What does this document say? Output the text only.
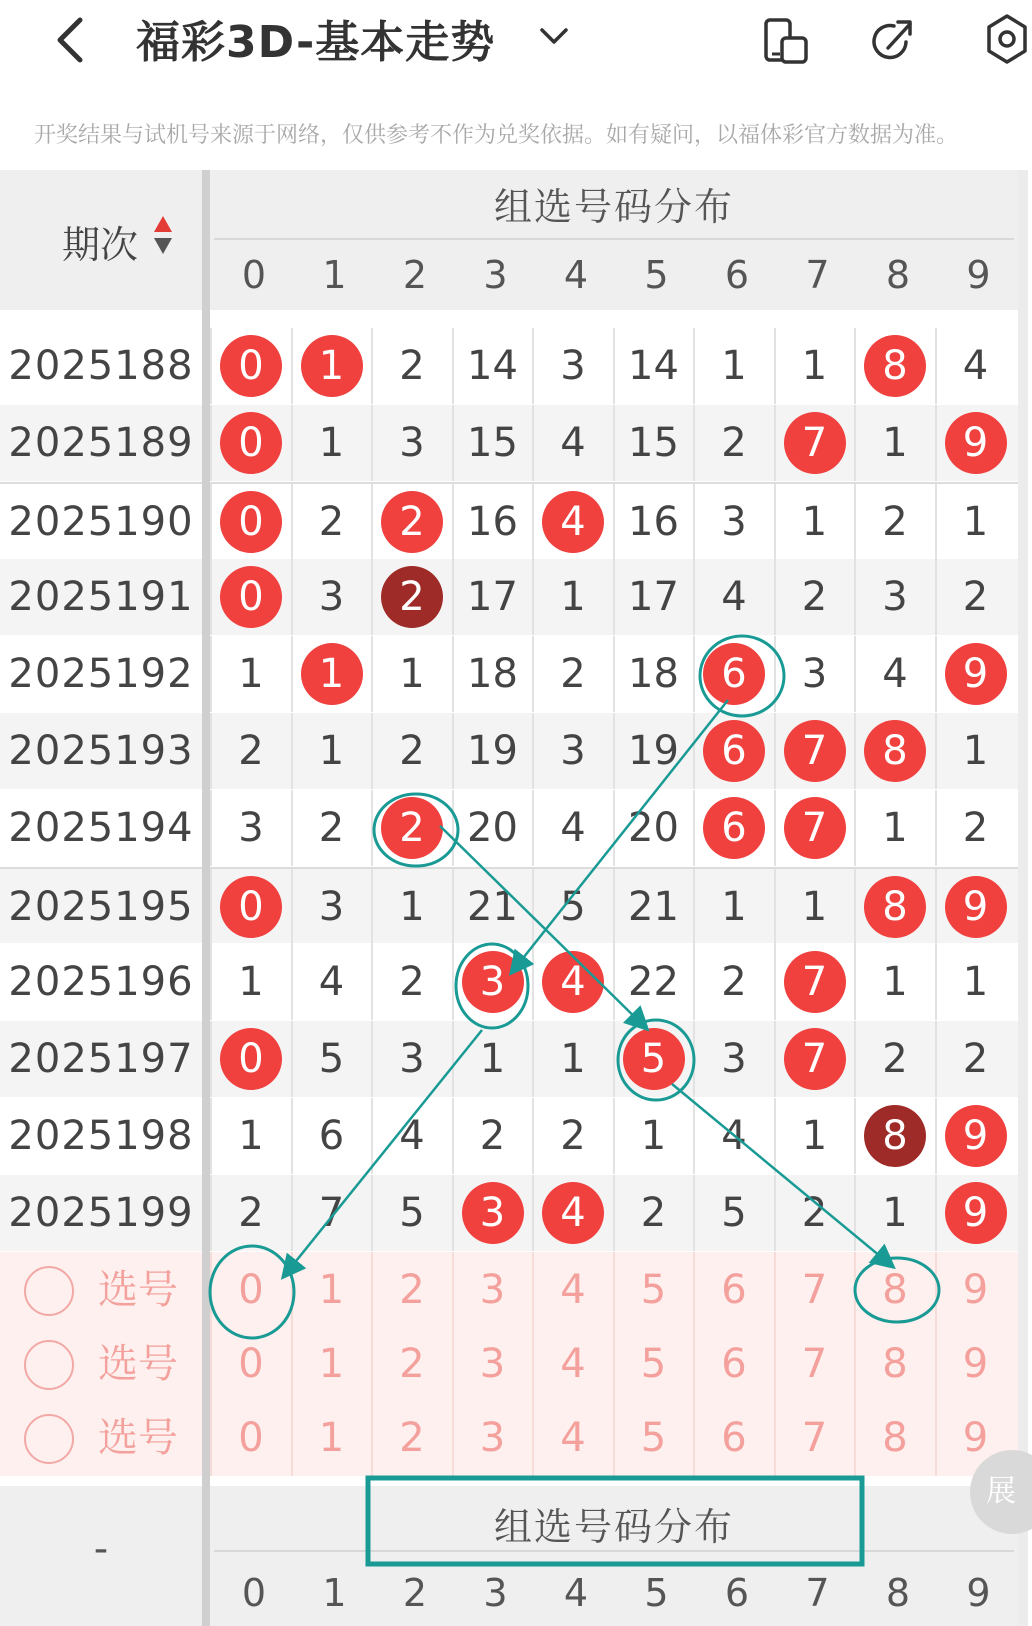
福彩3D-基本走势
开奖结果与试机号来源于网络，仅供参考不作为兑奖依据。如有疑问，以福体彩官方数据为准。
期次
组选号码分布
0	1	2	3	4	5	6	7	8	9
2025188	0	1	2	14	3	14	1	1	8	4
2025189	0	1	3	15	4	15	2	7	1	9
2025190	0	2	2	16	4	16	3	1	2	1
2025191	0	3	2	17	1	17	4	2	3	2
2025192	1	1	1	18	2	18	6	3	4	9
2025193	2	1	2	19	3	19	6	7	8	1
2025194	3	2	2	20	4	20	6	7	1	2
2025195	0	3	1	21	5	21	1	1	8	9
2025196	1	4	2	3	4	22	2	7	1	1
2025197	0	5	3	1	1	5	3	7	2	2
2025198	1	6	4	2	2	1	4	1	8	9
2025199	2	7	5	3	4	2	5	2	1	9
选号	0	1	2	3	4	5	6	7	8	9
选号	0	1	2	3	4	5	6	7	8	9
选号	0	1	2	3	4	5	6	7	8	9
-	组选号码分布
0	1	2	3	4	5	6	7	8	9
展
